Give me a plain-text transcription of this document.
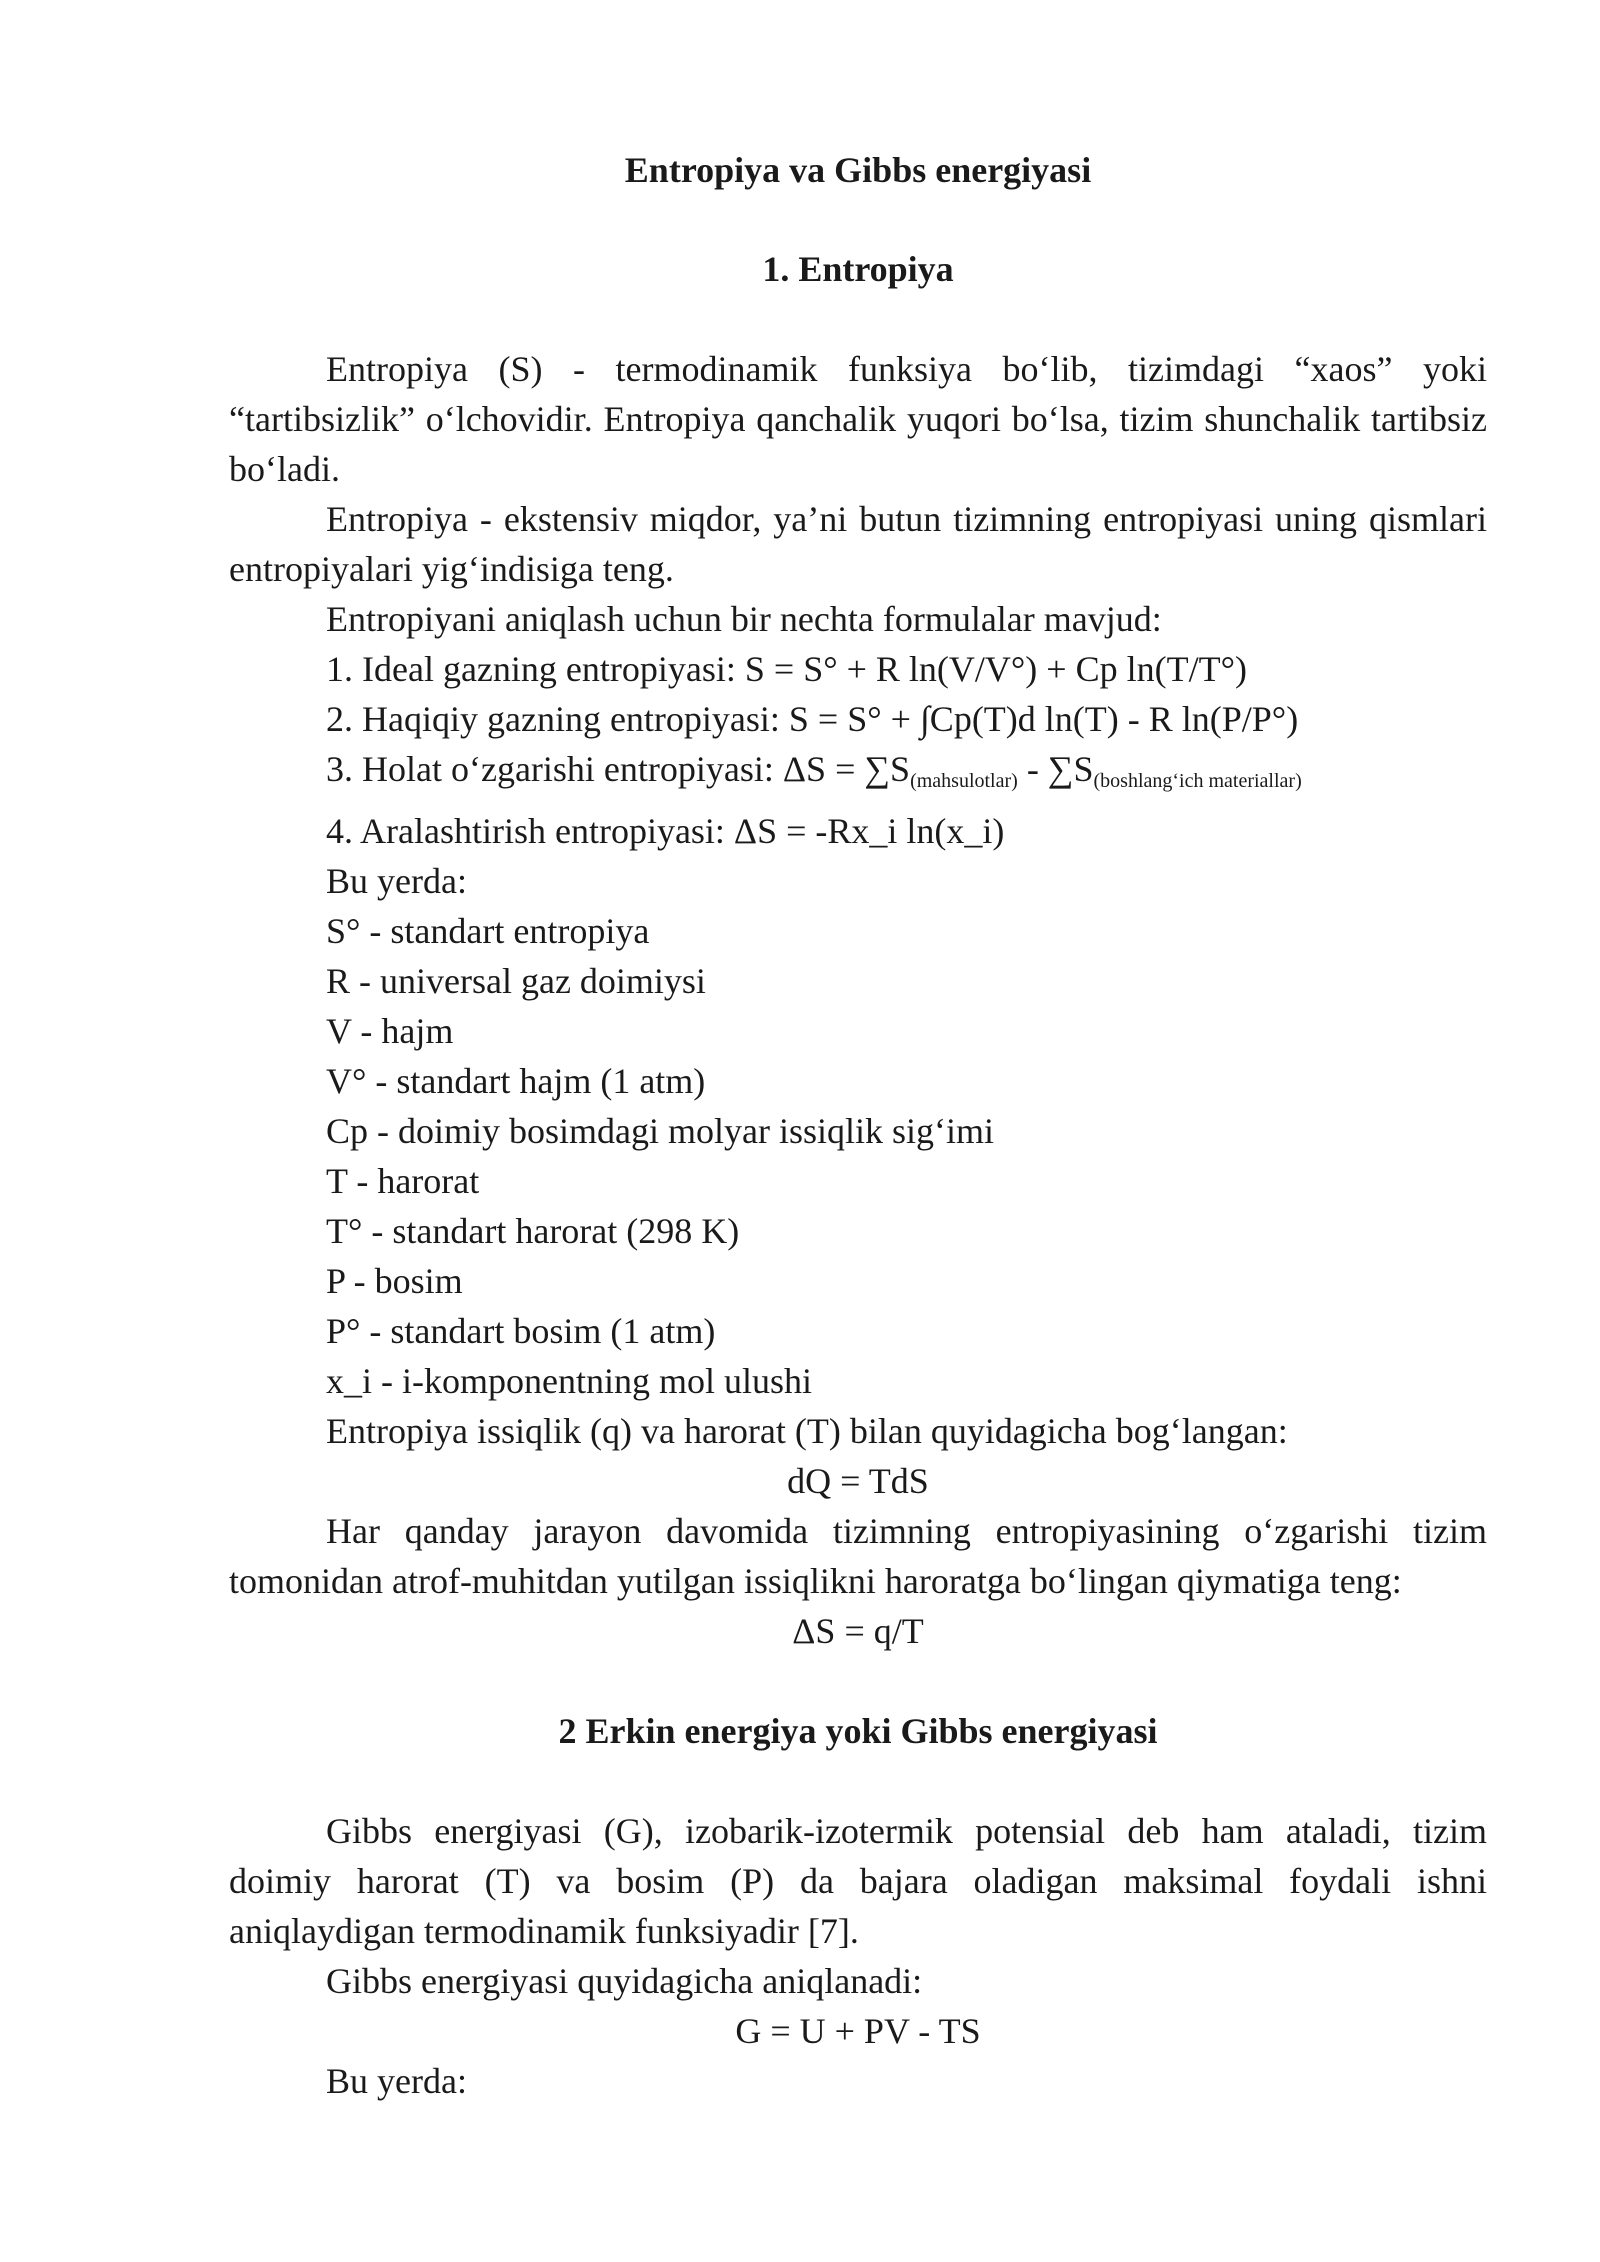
Entropiya va Gibbs energiyasi
1. Entropiya

Entropiya (S) - termodinamik funksiya bo‘lib, tizimdagi “xaos” yoki “tartibsizlik” o‘lchovidir. Entropiya qanchalik yuqori bo‘lsa, tizim shunchalik tartibsiz bo‘ladi.

Entropiya - ekstensiv miqdor, ya’ni butun tizimning entropiyasi uning qismlari entropiyalari yig‘indisiga teng.

Entropiyani aniqlash uchun bir nechta formulalar mavjud:
1. Ideal gazning entropiyasi: S = S° + R ln(V/V°) + Cp ln(T/T°)
2. Haqiqiy gazning entropiyasi: S = S° + ∫Cp(T)d ln(T) - R ln(P/P°)
3. Holat o‘zgarishi entropiyasi: $\Delta S = \sum S_{(mahsulotlar)} - \sum S_{(boshlang‘ich materiallar)}$
4. Aralashtirish entropiyasi: ΔS = -Rx_i ln(x_i)
Bu yerda:
S° - standart entropiya
R - universal gaz doimiysi
V - hajm
V° - standart hajm (1 atm)
Cp - doimiy bosimdagi molyar issiqlik sig‘imi
T - harorat
T° - standart harorat (298 K)
P - bosim
P° - standart bosim (1 atm)
x_i - i-komponentning mol ulushi
Entropiya issiqlik (q) va harorat (T) bilan quyidagicha bog‘langan:
dQ = TdS

Har qanday jarayon davomida tizimning entropiyasining o‘zgarishi tizim tomonidan atrof-muhitdan yutilgan issiqlikni haroratga bo‘lingan qiymatiga teng:

ΔS = q/T
2 Erkin energiya yoki Gibbs energiyasi

Gibbs energiyasi (G), izobarik-izotermik potensial deb ham ataladi, tizim doimiy harorat (T) va bosim (P) da bajara oladigan maksimal foydali ishni aniqlaydigan termodinamik funksiyadir [7].

Gibbs energiyasi quyidagicha aniqlanadi:
G = U + PV - TS
Bu yerda:
